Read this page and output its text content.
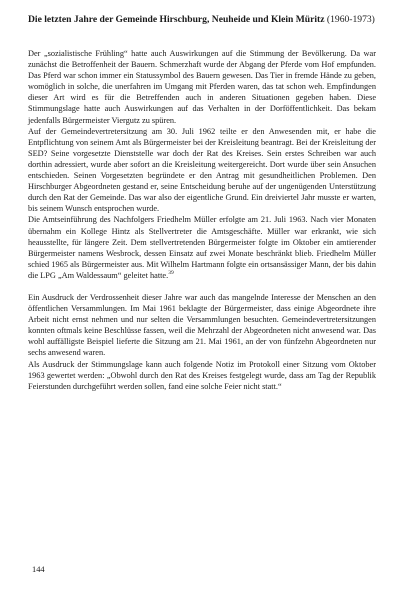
Die letzten Jahre der Gemeinde Hirschburg, Neuheide und Klein Müritz (1960-1973)

Der „sozialistische Frühling“ hatte auch Auswirkungen auf die Stimmung der Bevölkerung. Da war zunächst die Betroffenheit der Bauern. Schmerzhaft wurde der Abgang der Pferde vom Hof empfunden. Das Pferd war schon immer ein Statussymbol des Bauern gewesen. Das Tier in fremde Hände zu geben, womöglich in solche, die unerfahren im Umgang mit Pferden waren, das tat schon weh. Empfindungen dieser Art wird es für die Betreffenden auch in anderen Situationen gegeben haben. Diese Stimmungslage hatte auch Auswirkungen auf das Verhalten in der Dorföffentlichkeit. Das bekam jedenfalls Bürgermeister Viergutz zu spüren.

Auf der Gemeindevertretersitzung am 30. Juli 1962 teilte er den Anwesenden mit, er habe die Entpflichtung von seinem Amt als Bürgermeister bei der Kreisleitung beantragt. Bei der Kreisleitung der SED? Seine vorgesetzte Dienststelle war doch der Rat des Kreises. Sein erstes Schreiben war auch dorthin adressiert, wurde aber sofort an die Kreisleitung weitergereicht. Dort wurde über sein Ansuchen entschieden. Seinen Vorgesetzten begründete er den Antrag mit gesundheitlichen Problemen. Den Hirschburger Abgeordneten gestand er, seine Entscheidung beruhe auf der ungenügenden Unterstützung durch den Rat der Gemeinde. Das war also der eigentliche Grund. Ein dreiviertel Jahr musste er warten, bis seinem Wunsch entsprochen wurde.

Die Amtseinführung des Nachfolgers Friedhelm Müller erfolgte am 21. Juli 1963. Nach vier Monaten übernahm ein Kollege Hintz als Stellvertreter die Amtsgeschäfte. Müller war erkrankt, wie sich heausstellte, für längere Zeit. Dem stellvertretenden Bürgermeister folgte im Oktober ein amtierender Bürgermeister namens Wesbrock, dessen Einsatz auf zwei Monate beschränkt blieb. Friedhelm Müller schied 1965 als Bürgermeister aus. Mit Wilhelm Hartmann folgte ein ortsansässiger Mann, der bis dahin die LPG „Am Waldessaum“ geleitet hatte.$^{39}$

Ein Ausdruck der Verdrossenheit dieser Jahre war auch das mangelnde Interesse der Menschen an den öffentlichen Versammlungen. Im Mai 1961 beklagte der Bürgermeister, dass einige Abgeordnete ihre Arbeit nicht ernst nehmen und nur selten die Versammlungen besuchten. Gemeindevertretersitzungen konnten oftmals keine Beschlüsse fassen, weil die Mehrzahl der Abgeordneten nicht anwesend war. Das wohl auffälligste Beispiel lieferte die Sitzung am 21. Mai 1961, an der von fünfzehn Abgeordneten nur sechs anwesend waren.

Als Ausdruck der Stimmungslage kann auch folgende Notiz im Protokoll einer Sitzung vom Oktober 1963 gewertet werden: „Obwohl durch den Rat des Kreises festgelegt wurde, dass am Tag der Republik Feierstunden durchgeführt werden sollen, fand eine solche Feier nicht statt.“

144
